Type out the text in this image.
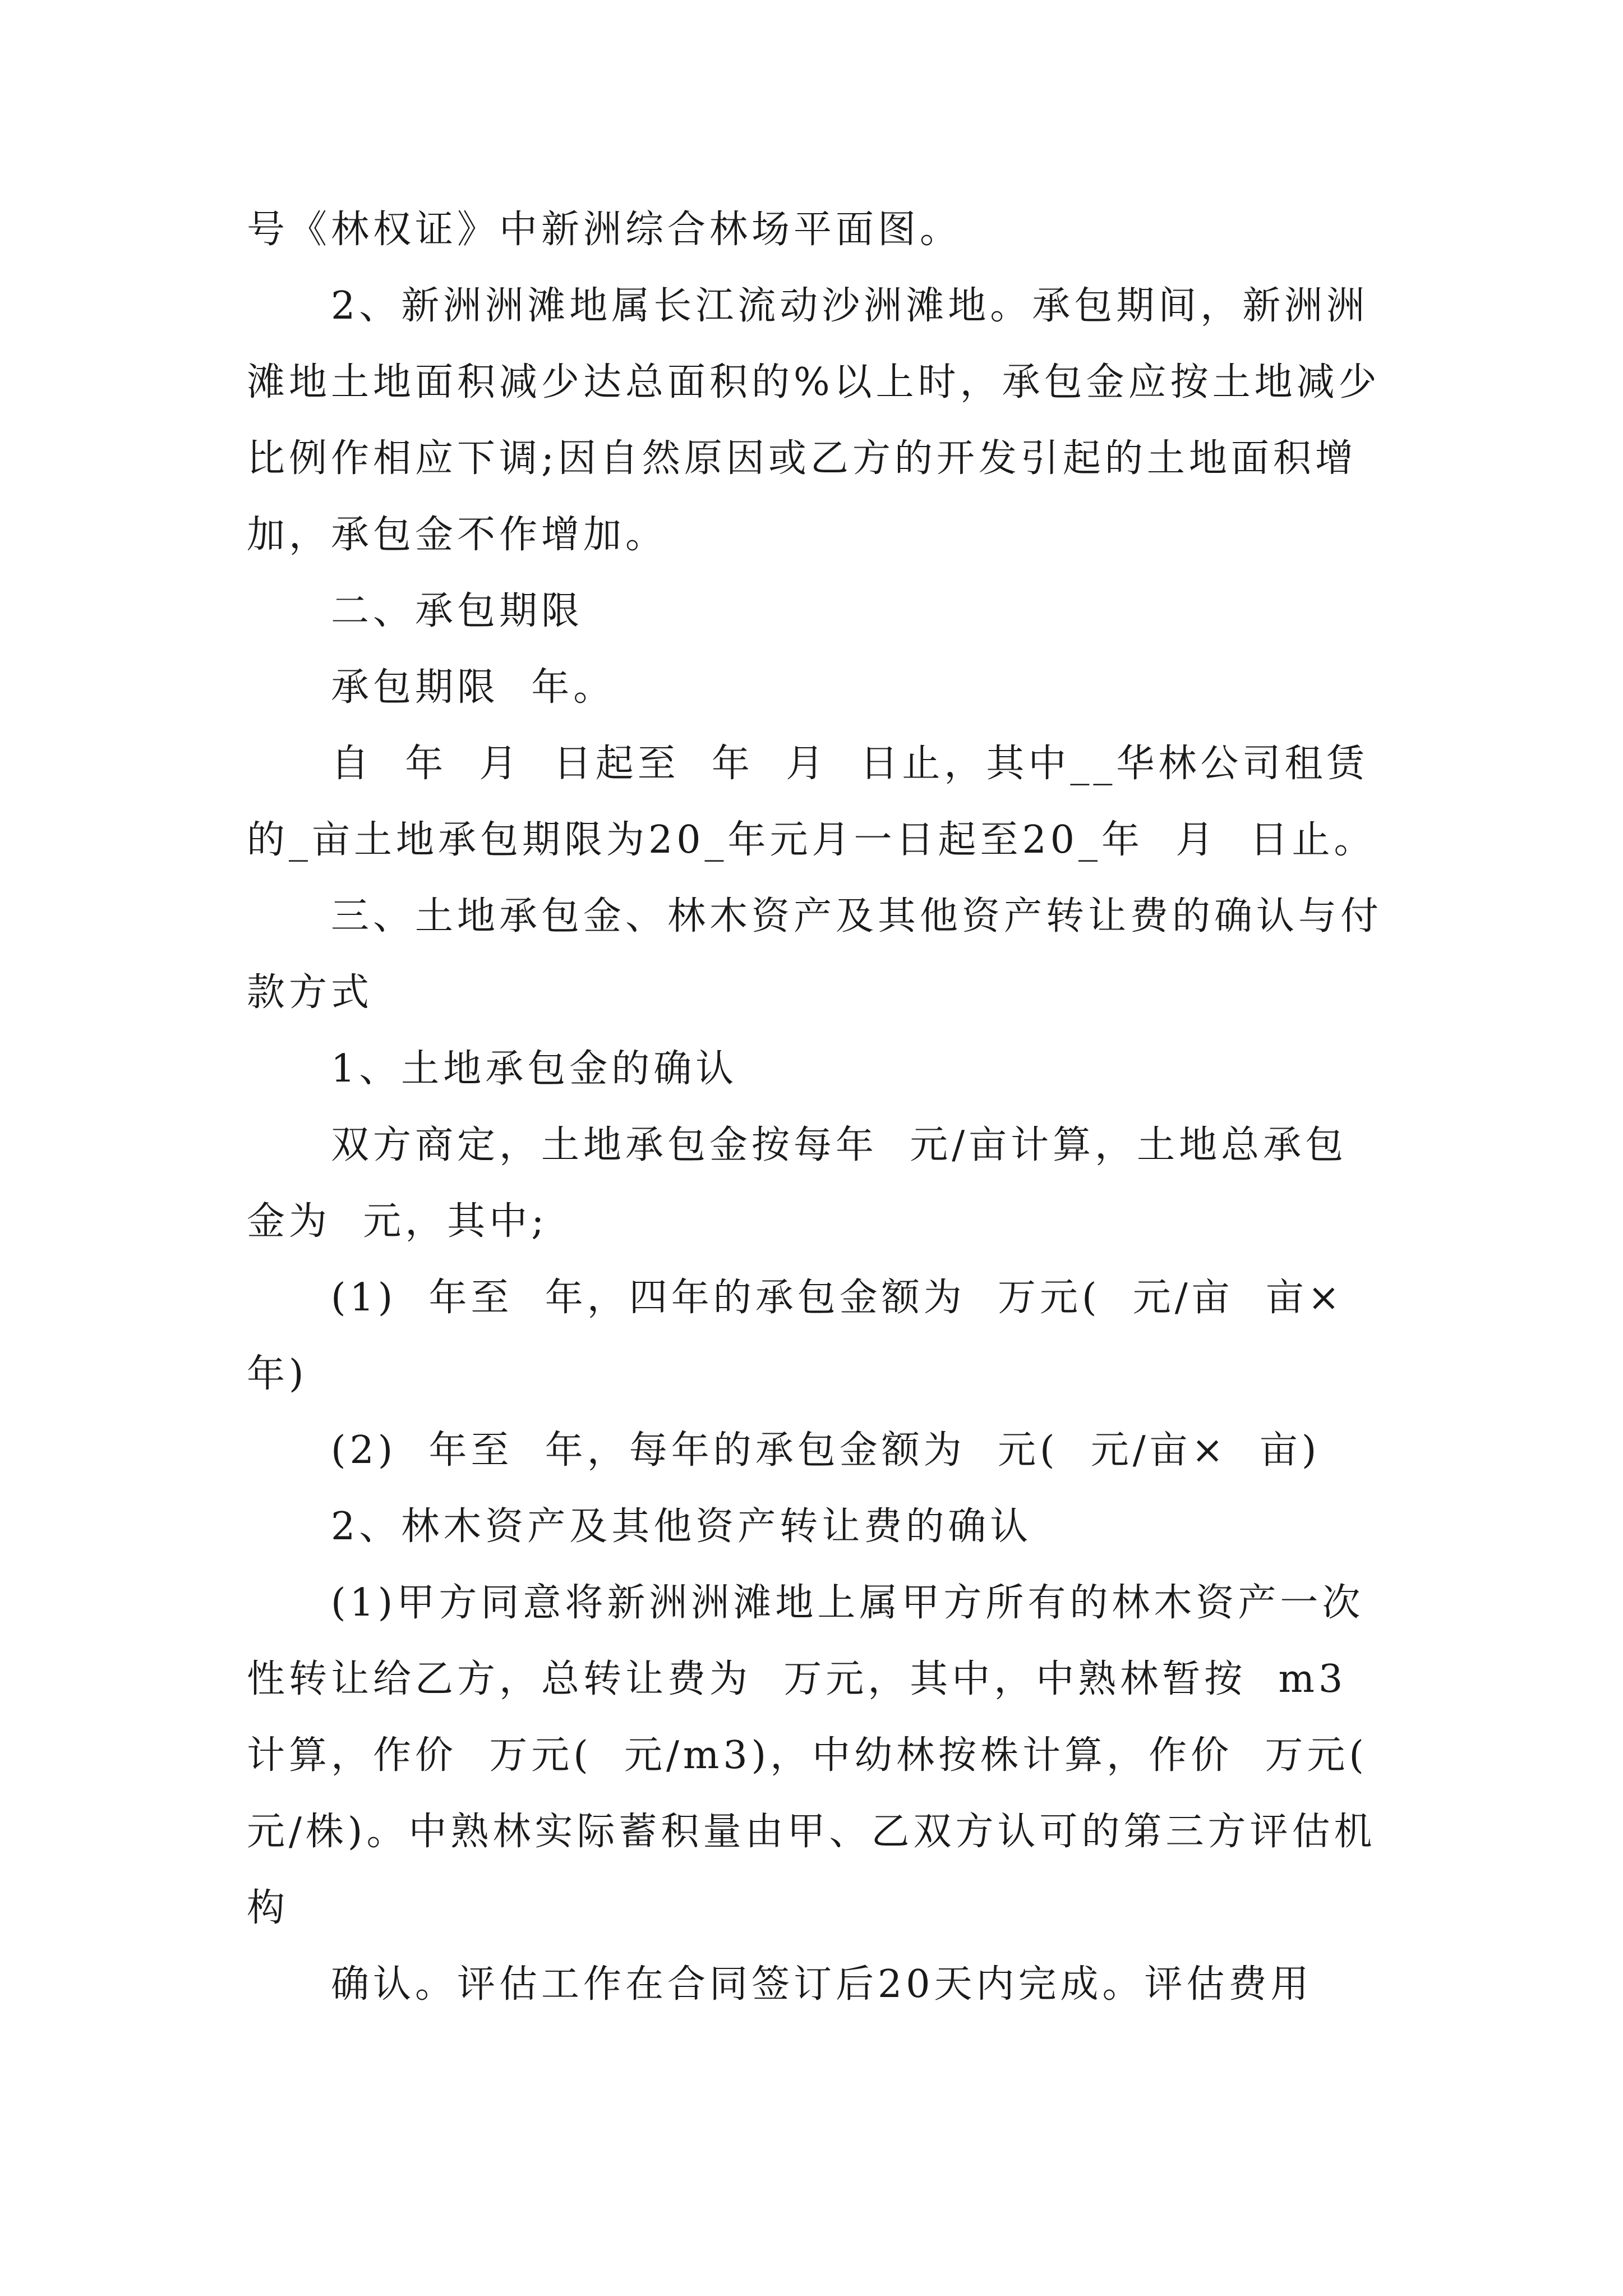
号《林权证》中新洲综合林场平面图。

2、新洲洲滩地属长江流动沙洲滩地。承包期间，新洲洲滩地土地面积减少达总面积的%以上时，承包金应按土地减少比例作相应下调;因自然原因或乙方的开发引起的土地面积增加，承包金不作增加。

二、承包期限

承包期限  年。

自  年  月  日起至  年  月  日止，其中__华林公司租赁的_亩土地承包期限为20_年元月一日起至20_年  月  日止。

三、土地承包金、林木资产及其他资产转让费的确认与付款方式

1、土地承包金的确认

双方商定，土地承包金按每年  元/亩计算，土地总承包金为  元，其中;

(1)  年至  年，四年的承包金额为  万元(  元/亩  亩×年)

(2)  年至  年，每年的承包金额为  元(  元/亩×  亩)

2、林木资产及其他资产转让费的确认

(1)甲方同意将新洲洲滩地上属甲方所有的林木资产一次性转让给乙方，总转让费为  万元，其中，中熟林暂按  m3计算，作价  万元(  元/m3)，中幼林按株计算，作价  万元(  元/株)。中熟林实际蓄积量由甲、乙双方认可的第三方评估机构

确认。评估工作在合同签订后20天内完成。评估费用
